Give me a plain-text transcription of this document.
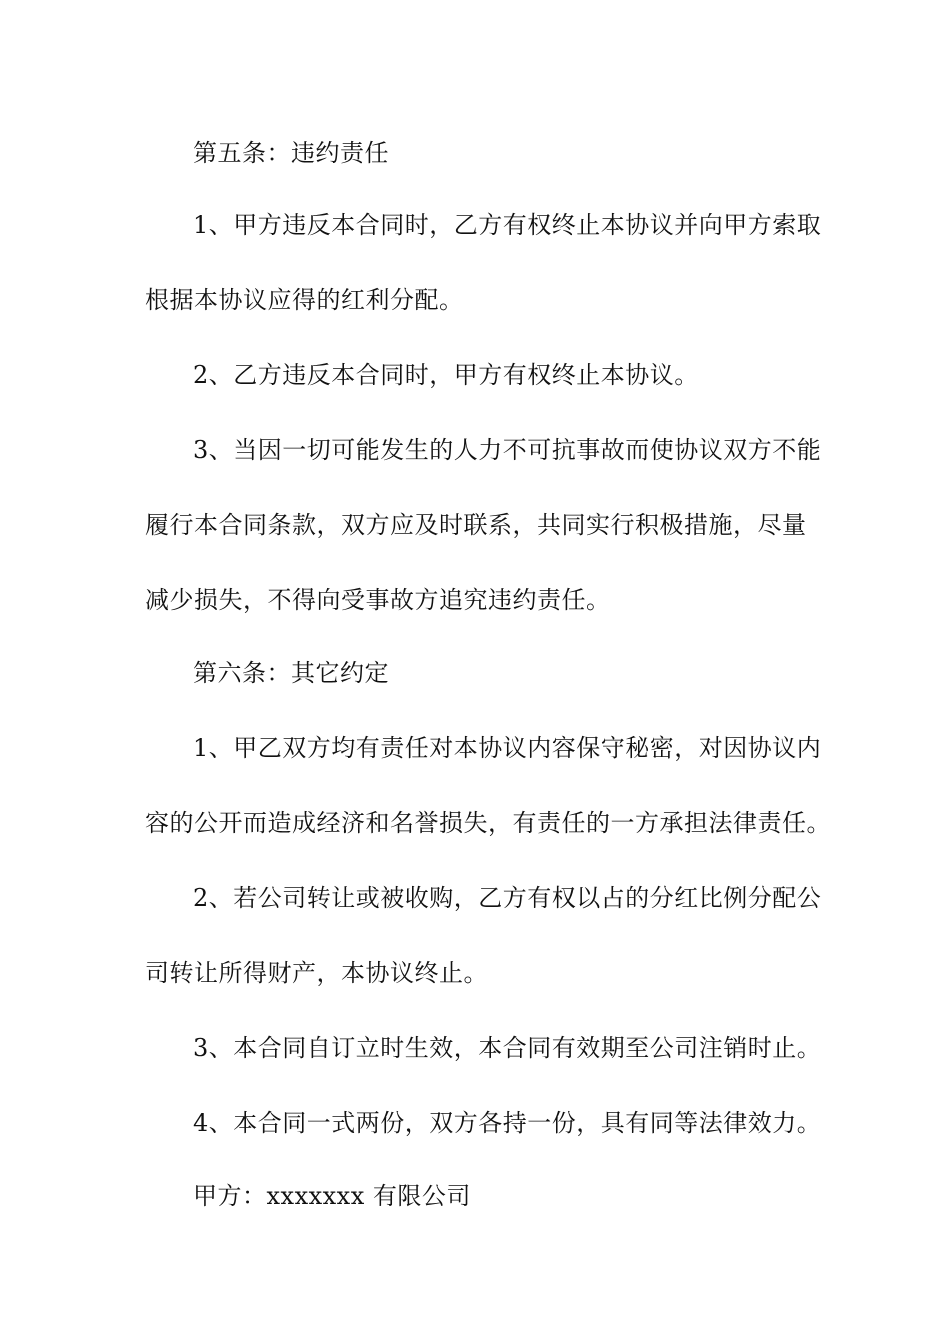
第五条：违约责任
1、甲方违反本合同时，乙方有权终止本协议并向甲方索取
根据本协议应得的红利分配。
2、乙方违反本合同时，甲方有权终止本协议。
3、当因一切可能发生的人力不可抗事故而使协议双方不能
履行本合同条款，双方应及时联系，共同实行积极措施，尽量
减少损失，不得向受事故方追究违约责任。
第六条：其它约定
1、甲乙双方均有责任对本协议内容保守秘密，对因协议内
容的公开而造成经济和名誉损失，有责任的一方承担法律责任。
2、若公司转让或被收购，乙方有权以占的分红比例分配公
司转让所得财产，本协议终止。
3、本合同自订立时生效，本合同有效期至公司注销时止。
4、本合同一式两份，双方各持一份，具有同等法律效力。
甲方：xxxxxxx 有限公司
